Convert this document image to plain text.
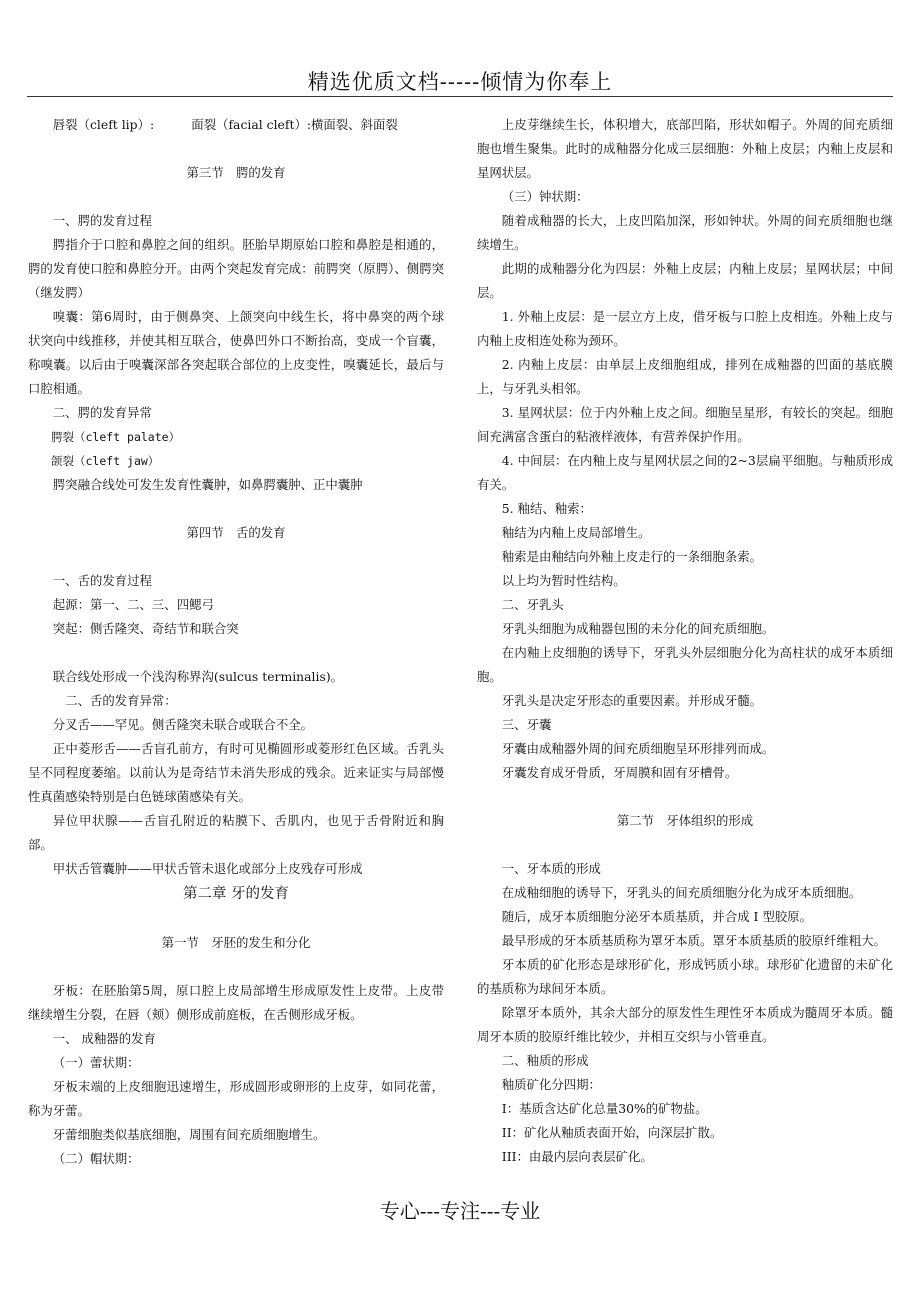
精选优质文档-----倾情为你奉上

唇裂（cleft lip）:　　　面裂（facial cleft）:横面裂、斜面裂

第三节　腭的发育

一、腭的发育过程

腭指介于口腔和鼻腔之间的组织。胚胎早期原始口腔和鼻腔是相通的，腭的发育使口腔和鼻腔分开。由两个突起发育完成：前腭突（原腭）、侧腭突（继发腭）

嗅囊：第6周时，由于侧鼻突、上颌突向中线生长，将中鼻突的两个球状突向中线推移，并使其相互联合，使鼻凹外口不断抬高，变成一个盲囊，称嗅囊。以后由于嗅囊深部各突起联合部位的上皮变性，嗅囊延长，最后与口腔相通。

二、腭的发育异常

腭裂（cleft palate）

颌裂（cleft jaw）

腭突融合线处可发生发育性囊肿，如鼻腭囊肿、正中囊肿

第四节　舌的发育

一、舌的发育过程

起源：第一、二、三、四鳃弓

突起：侧舌隆突、奇结节和联合突

联合线处形成一个浅沟称界沟(sulcus terminalis)。

二、舌的发育异常：

分叉舌——罕见。侧舌隆突未联合或联合不全。

正中菱形舌——舌盲孔前方，有时可见椭圆形或菱形红色区域。舌乳头呈不同程度萎缩。以前认为是奇结节未消失形成的残余。近来证实与局部慢性真菌感染特别是白色链球菌感染有关。

异位甲状腺——舌盲孔附近的粘膜下、舌肌内，也见于舌骨附近和胸部。

甲状舌管囊肿——甲状舌管未退化或部分上皮残存可形成

第二章 牙的发育

第一节　牙胚的发生和分化

牙板：在胚胎第5周，原口腔上皮局部增生形成原发性上皮带。上皮带继续增生分裂，在唇（颊）侧形成前庭板，在舌侧形成牙板。

一、 成釉器的发育

（一）蕾状期：

牙板末端的上皮细胞迅速增生，形成圆形或卵形的上皮芽，如同花蕾，称为牙蕾。

牙蕾细胞类似基底细胞，周围有间充质细胞增生。

（二）帽状期：

上皮芽继续生长，体积增大，底部凹陷，形状如帽子。外周的间充质细胞也增生聚集。此时的成釉器分化成三层细胞：外釉上皮层；内釉上皮层和星网状层。

（三）钟状期：

随着成釉器的长大，上皮凹陷加深，形如钟状。外周的间充质细胞也继续增生。

此期的成釉器分化为四层：外釉上皮层；内釉上皮层；星网状层；中间层。

1. 外釉上皮层：是一层立方上皮，借牙板与口腔上皮相连。外釉上皮与内釉上皮相连处称为颈环。

2. 内釉上皮层：由单层上皮细胞组成，排列在成釉器的凹面的基底膜上，与牙乳头相邻。

3. 星网状层：位于内外釉上皮之间。细胞呈星形，有较长的突起。细胞间充满富含蛋白的粘液样液体，有营养保护作用。

4. 中间层：在内釉上皮与星网状层之间的2~3层扁平细胞。与釉质形成有关。

5. 釉结、釉索：

釉结为内釉上皮局部增生。

釉索是由釉结向外釉上皮走行的一条细胞条索。

以上均为暂时性结构。

二、牙乳头

牙乳头细胞为成釉器包围的未分化的间充质细胞。

在内釉上皮细胞的诱导下，牙乳头外层细胞分化为高柱状的成牙本质细胞。

牙乳头是决定牙形态的重要因素。并形成牙髓。

三、牙囊

牙囊由成釉器外周的间充质细胞呈环形排列而成。

牙囊发育成牙骨质，牙周膜和固有牙槽骨。

第二节　牙体组织的形成

一、牙本质的形成

在成釉细胞的诱导下，牙乳头的间充质细胞分化为成牙本质细胞。

随后，成牙本质细胞分泌牙本质基质，并合成 I 型胶原。

最早形成的牙本质基质称为罩牙本质。罩牙本质基质的胶原纤维粗大。

牙本质的矿化形态是球形矿化，形成钙质小球。球形矿化遗留的未矿化的基质称为球间牙本质。

除罩牙本质外，其余大部分的原发性生理性牙本质成为髓周牙本质。髓周牙本质的胶原纤维比较少，并相互交织与小管垂直。

二、釉质的形成

釉质矿化分四期：

I：基质含达矿化总量30%的矿物盐。

II：矿化从釉质表面开始，向深层扩散。

III：由最内层向表层矿化。

专心---专注---专业
